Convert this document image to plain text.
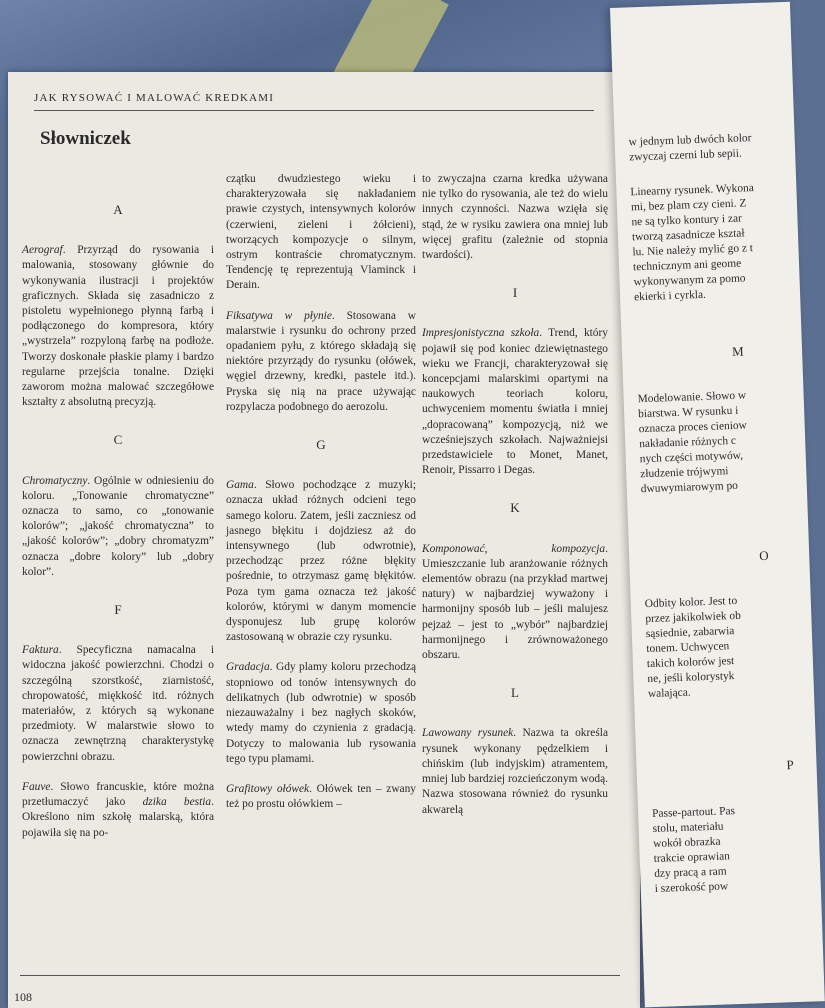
JAK RYSOWAĆ I MALOWAĆ KREDKAMI
Słowniczek
A

Aerograf. Przyrząd do rysowania i malowania, stosowany głównie do wykonywania ilustracji i projektów graficznych. Składa się zasadniczo z pistoletu wypełnionego płynną farbą i podłączonego do kompresora, który „wystrzela” rozpyloną farbę na podłoże. Tworzy doskonałe płaskie plamy i bardzo regularne przejścia tonalne. Dzięki zaworom można malować szczegółowe kształty z absolutną precyzją.

C

Chromatyczny. Ogólnie w odniesieniu do koloru. „Tonowanie chromatyczne” oznacza to samo, co „tonowanie kolorów”; „jakość chromatyczna” to „jakość kolorów”; „dobry chromatyzm” oznacza „dobre kolory” lub „dobry kolor”.

F

Faktura. Specyficzna namacalna i widoczna jakość powierzchni. Chodzi o szczególną szorstkość, ziarnistość, chropowatość, miękkość itd. różnych materiałów, z których są wykonane przedmioty. W malarstwie słowo to oznacza zewnętrzną charakterystykę powierzchni obrazu.

Fauve. Słowo francuskie, które można przetłumaczyć jako dzika bestia. Określono nim szkołę malarską, która pojawiła się na po-

czątku dwudziestego wieku i charakteryzowała się nakładaniem prawie czystych, intensywnych kolorów (czerwieni, zieleni i żółcieni), tworzących kompozycje o silnym, ostrym kontraście chromatycznym. Tendencję tę reprezentują Vlaminck i Derain.

Fiksatywa w płynie. Stosowana w malarstwie i rysunku do ochrony przed opadaniem pyłu, z którego składają się niektóre przyrządy do rysunku (ołówek, węgiel drzewny, kredki, pastele itd.). Pryska się nią na prace używając rozpylacza podobnego do aerozolu.

G

Gama. Słowo pochodzące z muzyki; oznacza układ różnych odcieni tego samego koloru. Zatem, jeśli zaczniesz od jasnego błękitu i dojdziesz aż do intensywnego (lub odwrotnie), przechodząc przez różne błękity pośrednie, to otrzymasz gamę błękitów. Poza tym gama oznacza też jakość kolorów, którymi w danym momencie dysponujesz lub grupę kolorów zastosowaną w obrazie czy rysunku.

Gradacja. Gdy plamy koloru przechodzą stopniowo od tonów intensywnych do delikatnych (lub odwrotnie) w sposób niezauważalny i bez nagłych skoków, wtedy mamy do czynienia z gradacją. Dotyczy to malowania lub rysowania tego typu plamami.

Grafitowy ołówek. Ołówek ten – zwany też po prostu ołówkiem –

to zwyczajna czarna kredka używana nie tylko do rysowania, ale też do wielu innych czynności. Nazwa wzięła się stąd, że w rysiku zawiera ona mniej lub więcej grafitu (zależnie od stopnia twardości).

I

Impresjonistyczna szkoła. Trend, który pojawił się pod koniec dziewiętnastego wieku we Francji, charakteryzował się koncepcjami malarskimi opartymi na naukowych teoriach koloru, uchwyceniem momentu światła i mniej „dopracowaną” kompozycją, niż we wcześniejszych szkołach. Najważniejsi przedstawiciele to Monet, Manet, Renoir, Pissarro i Degas.

K

Komponować, kompozycja. Umieszczanie lub aranżowanie różnych elementów obrazu (na przykład martwej natury) w najbardziej wyważony i harmonijny sposób lub – jeśli malujesz pejzaż – jest to „wybór” najbardziej harmonijnego i zrównoważonego obszaru.

L

Lawowany rysunek. Nazwa ta określa rysunek wykonany pędzelkiem i chińskim (lub indyjskim) atramentem, mniej lub bardziej rozcieńczonym wodą. Nazwa stosowana również do rysunku akwarelą

w jednym lub dwóch kolor
zwyczaj czerni lub sepii.
Linearny rysunek. Wykona
mi, bez plam czy cieni. Z
ne są tylko kontury i zar
tworzą zasadnicze kształ
lu. Nie należy mylić go z t
technicznym ani geome
wykonywanym za pomo
ekierki i cyrkla.
M
Modelowanie. Słowo w
biarstwa. W rysunku i
oznacza proces cieniow
nakładanie różnych c
nych części motywów,
złudzenie trójwymi
dwuwymiarowym po
O
Odbity kolor. Jest to
przez jakikolwiek ob
sąsiednie, zabarwia
tonem. Uchwycen
takich kolorów jest
ne, jeśli kolorystyk
walająca.
P
Passe-partout. Pas
stolu, materiału
wokół obrazka
trakcie oprawian
dzy pracą a ram
i szerokość pow
108
